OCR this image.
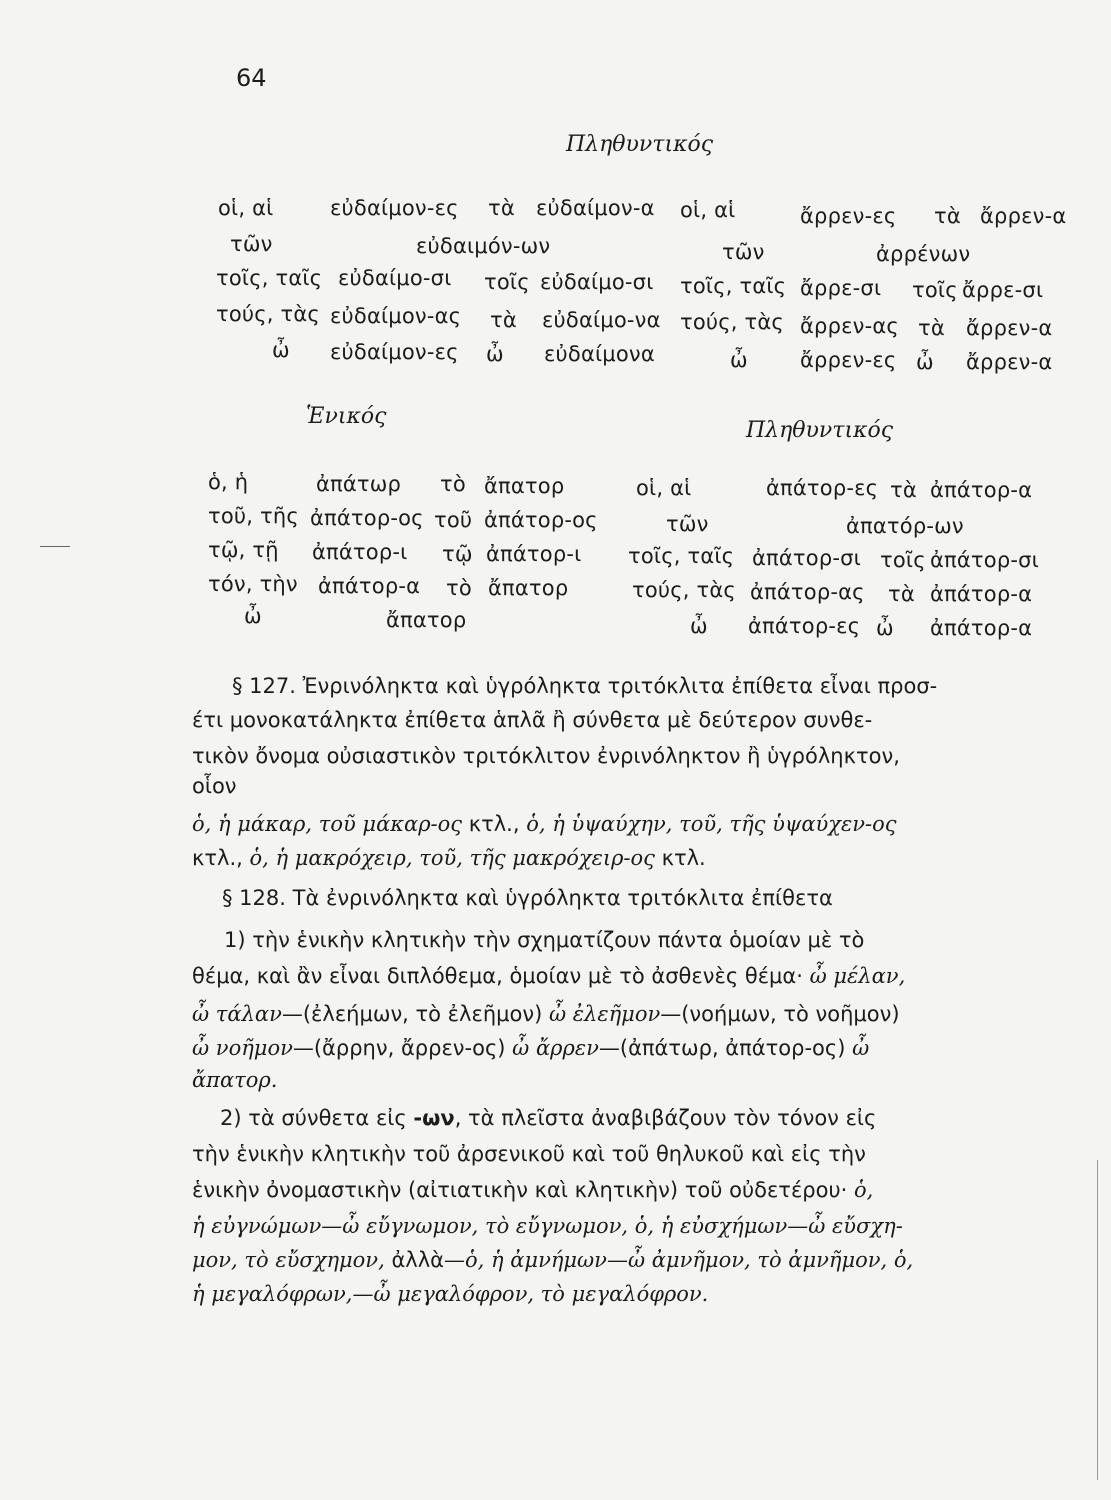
64
Πληθυντικός
οἱ, αἱ	εὐδαίμον-ες τὰ εὐδαίμον-α οἱ, αἱ	ἄρρεν-ες τὰ ἄρρεν-α
τῶν	εὐδαιμόν-ων	τῶν	ἀρρένων
τοῖς, ταῖς εὐδαίμο-σι τοῖς εὐδαίμο-σι τοῖς, ταῖς ἄρρε-σι τοῖς ἄρρε-σι
τούς, τὰς εὐδαίμον-ας τὰ εὐδαίμο-να τούς, τὰς ἄρρεν-ας τὰ ἄρρεν-α
ὦ εὐδαίμον-ες ὦ εὐδαίμονα	ὦ ἄρρεν-ες ὦ ἄρρεν-α
Ἑνικός
Πληθυντικός
ὁ, ἡ	ἀπάτωρ τὸ ἄπατορ
τοῦ, τῆς ἀπάτορ-ος τοῦ ἀπάτορ-ος
τῷ, τῇ ἀπάτορ-ι τῷ ἀπάτορ-ι
τόν, τὴν ἀπάτορ-α τὸ ἄπατορ
ὦ	ἄπατορ
οἱ, αἱ	ἀπάτορ-ες τὰ ἀπάτορ-α
τῶν	ἀπατόρ-ων
τοῖς, ταῖς ἀπάτορ-σι τοῖς ἀπάτορ-σι
τούς, τὰς ἀπάτορ-ας τὰ ἀπάτορ-α
ὦ ἀπάτορ-ες ὦ ἀπάτορ-α
§ 127. Ἐνρινόληκτα καὶ ὑγρόληκτα τριτόκλιτα ἐπίθετα εἶναι προσ-
έτι μονοκατάληκτα ἐπίθετα ἁπλᾶ ἢ σύνθετα μὲ δεύτερον συνθε-
τικὸν ὄνομα οὐσιαστικὸν τριτόκλιτον ἐνρινόληκτον ἢ ὑγρόληκτον,
οἷον
ὁ, ἡ μάκαρ, τοῦ μάκαρ-ος κτλ., ὁ, ἡ ὑψαύχην, τοῦ, τῆς ὑψαύχεν-ος
κτλ., ὁ, ἡ μακρόχειρ, τοῦ, τῆς μακρόχειρ-ος κτλ.
§ 128. Τὰ ἐνρινόληκτα καὶ ὑγρόληκτα τριτόκλιτα ἐπίθετα
1) τὴν ἑνικὴν κλητικὴν τὴν σχηματίζουν πάντα ὁμοίαν μὲ τὸ
θέμα, καὶ ἂν εἶναι διπλόθεμα, ὁμοίαν μὲ τὸ ἀσθενὲς θέμα· ὦ μέλαν,
ὦ τάλαν—(ἐλεήμων, τὸ ἐλεῆμον) ὦ ἐλεῆμον—(νοήμων, τὸ νοῆμον)
ὦ νοῆμον—(ἄρρην, ἄρρεν-ος) ὦ ἄρρεν—(ἀπάτωρ, ἀπάτορ-ος) ὦ
ἄπατορ.
2) τὰ σύνθετα εἰς -ων, τὰ πλεῖστα ἀναβιβάζουν τὸν τόνον εἰς
τὴν ἑνικὴν κλητικὴν τοῦ ἀρσενικοῦ καὶ τοῦ θηλυκοῦ καὶ εἰς τὴν
ἑνικὴν ὀνομαστικὴν (αἰτιατικὴν καὶ κλητικὴν) τοῦ οὐδετέρου· ὁ,
ἡ εὐγνώμων—ὦ εὔγνωμον, τὸ εὔγνωμον, ὁ, ἡ εὐσχήμων—ὦ εὔσχη-
μον, τὸ εὔσχημον, ἀλλὰ—ὁ, ἡ ἀμνήμων—ὦ ἀμνῆμον, τὸ ἀμνῆμον, ὁ,
ἡ μεγαλόφρων,—ὦ μεγαλόφρον, τὸ μεγαλόφρον.
